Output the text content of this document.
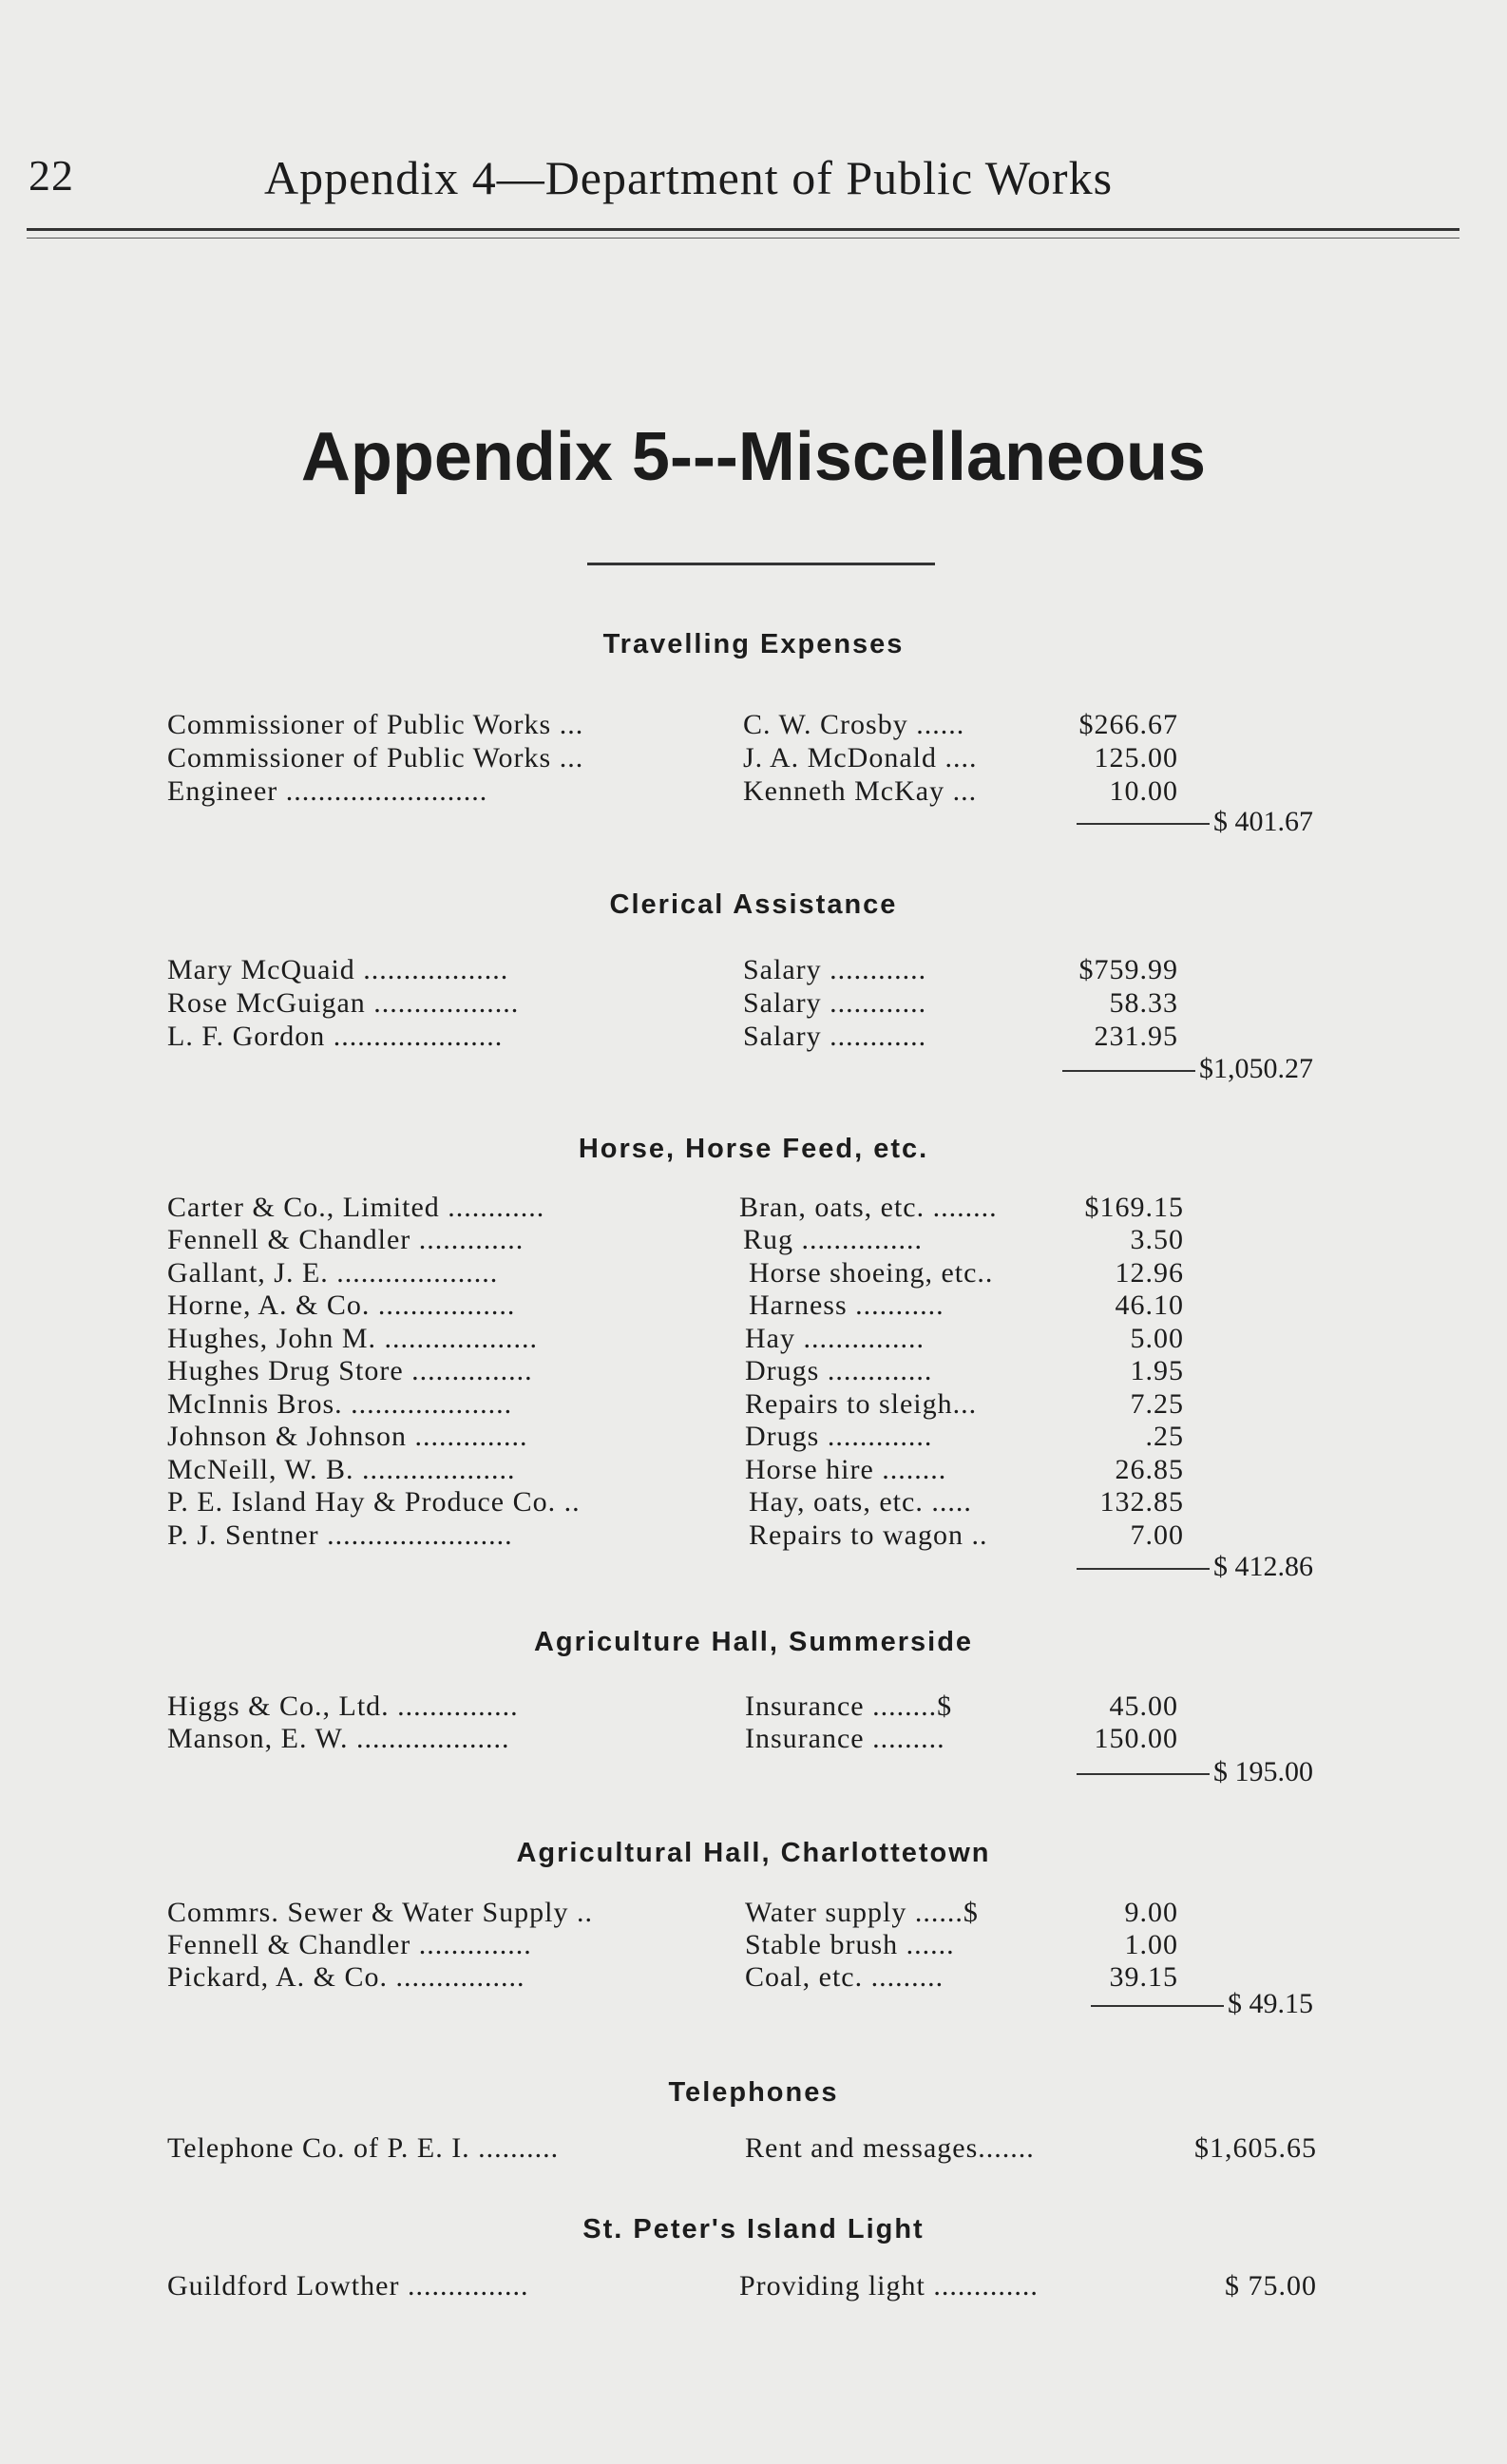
22	Appendix 4—Department of Public Works
Appendix 5---Miscellaneous
Travelling Expenses
Commissioner of Public Works ...	C. W. Crosby ......	$266.67
Commissioner of Public Works ...	J. A. McDonald ....	125.00
Engineer .........................	Kenneth McKay ...	10.00
$ 401.67
Clerical Assistance
Mary McQuaid ..................	Salary ............	$759.99
Rose McGuigan ..................	Salary ............	58.33
L. F. Gordon .....................	Salary ............	231.95
$1,050.27
Horse, Horse Feed, etc.
Carter & Co., Limited ............	Bran, oats, etc. ........	$169.15
Fennell & Chandler .............	Rug ...............	3.50
Gallant, J. E. ....................	Horse shoeing, etc..	12.96
Horne, A. & Co. .................	Harness ...........	46.10
Hughes, John M. ...................	Hay ...............	5.00
Hughes Drug Store ...............	Drugs .............	1.95
McInnis Bros. ....................	Repairs to sleigh...	7.25
Johnson & Johnson ..............	Drugs .............	.25
McNeill, W. B. ...................	Horse hire ........	26.85
P. E. Island Hay & Produce Co. ..	Hay, oats, etc. .....	132.85
P. J. Sentner .......................	Repairs to wagon ..	7.00
$ 412.86
Agriculture Hall, Summerside
Higgs & Co., Ltd. ...............	Insurance ........$	45.00
Manson, E. W. ...................	Insurance .........	150.00
$ 195.00
Agricultural Hall, Charlottetown
Commrs. Sewer & Water Supply ..	Water supply ......$	9.00
Fennell & Chandler ..............	Stable brush ......	1.00
Pickard, A. & Co. ................	Coal, etc. .........	39.15
$ 49.15
Telephones
Telephone Co. of P. E. I. ..........	Rent and messages.......	$1,605.65
St. Peter's Island Light
Guildford Lowther ...............	Providing light .............	$ 75.00
